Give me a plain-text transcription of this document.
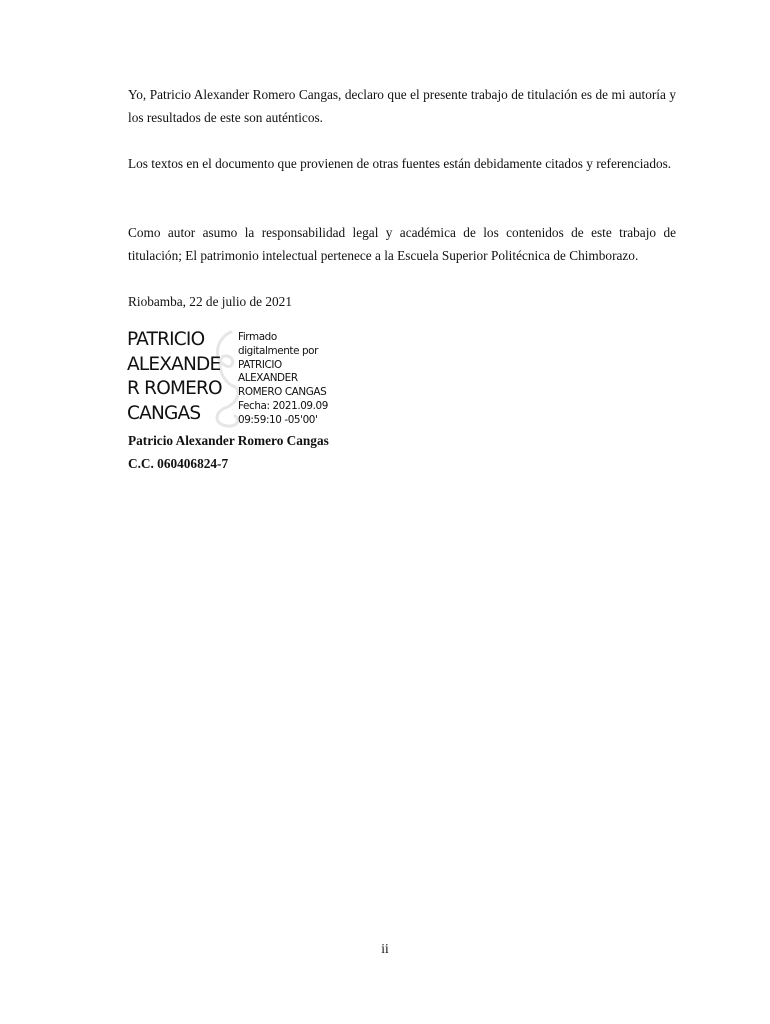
Yo, Patricio Alexander Romero Cangas, declaro que el presente trabajo de titulación es de mi autoría y los resultados de este son auténticos.

Los textos en el documento que provienen de otras fuentes están debidamente citados y referenciados.

Como autor asumo la responsabilidad legal y académica de los contenidos de este trabajo de titulación; El patrimonio intelectual pertenece a la Escuela Superior Politécnica de Chimborazo.

Riobamba, 22 de julio de 2021

PATRICIO
ALEXANDE
R ROMERO
CANGAS
Firmado
digitalmente por
PATRICIO
ALEXANDER
ROMERO CANGAS
Fecha: 2021.09.09
09:59:10 -05'00'

Patricio Alexander Romero Cangas

C.C. 060406824-7

ii
